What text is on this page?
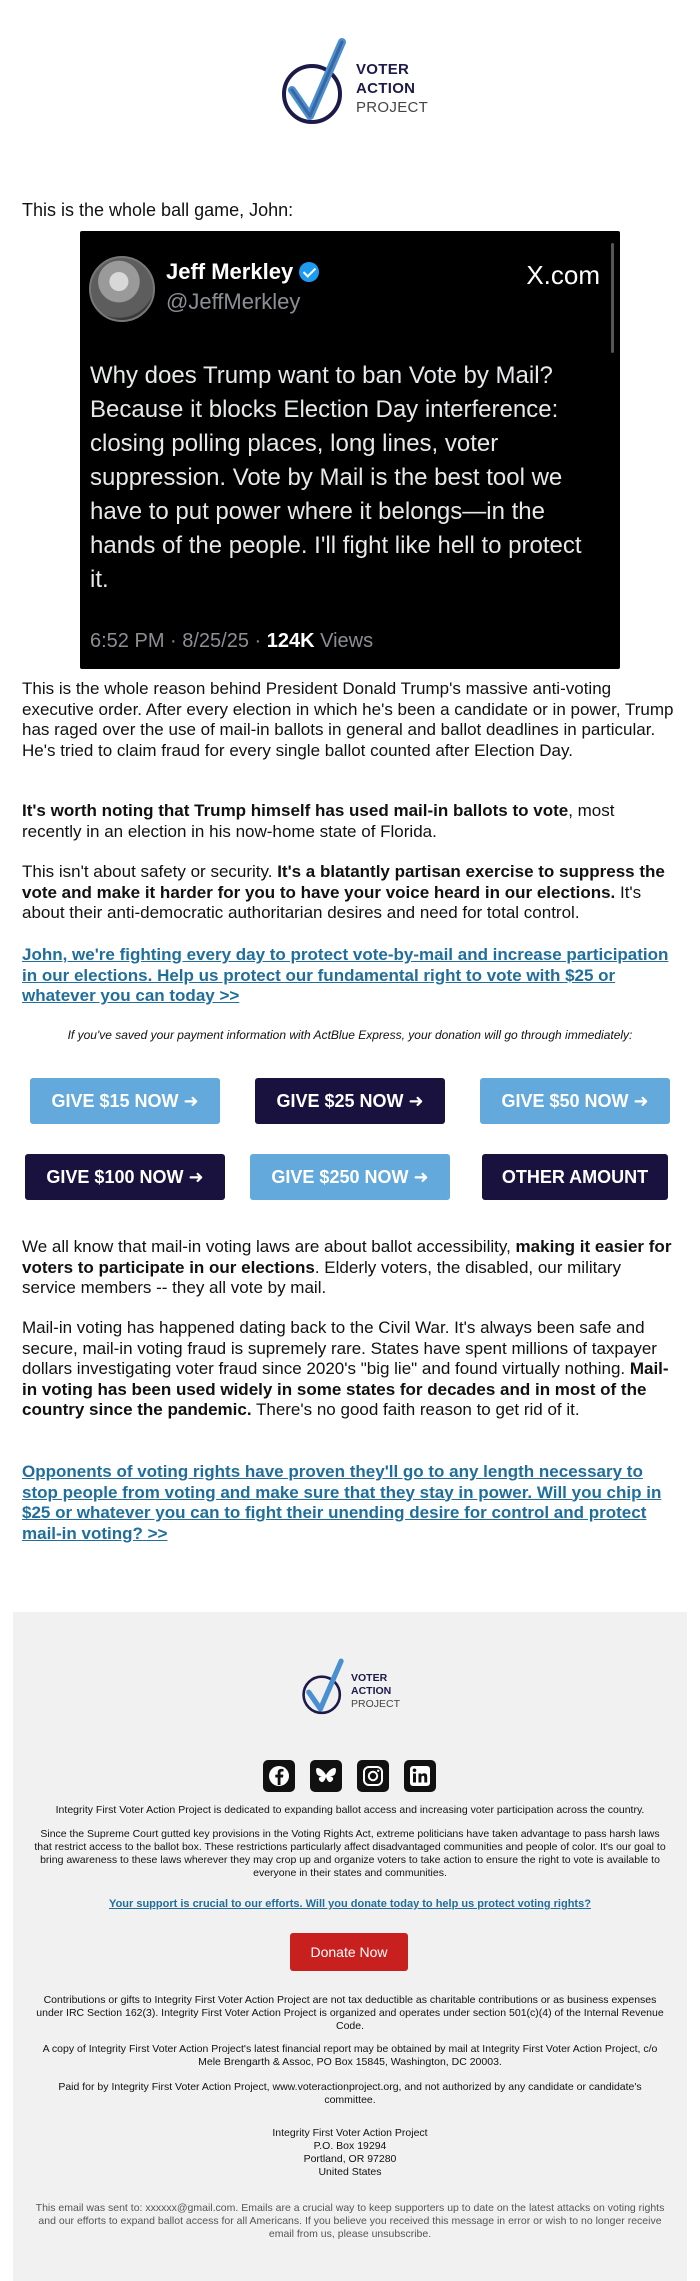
VOTER
ACTION
PROJECT
This is the whole ball game, John:
Jeff Merkley
@JeffMerkley
X.com
Why does Trump want to ban Vote by Mail? Because it blocks Election Day interference: closing polling places, long lines, voter suppression. Vote by Mail is the best tool we have to put power where it belongs—in the hands of the people. I'll fight like hell to protect it.
6:52 PM · 8/25/25 · 124K Views
This is the whole reason behind President Donald Trump's massive anti-voting executive order. After every election in which he's been a candidate or in power, Trump has raged over the use of mail-in ballots in general and ballot deadlines in particular. He's tried to claim fraud for every single ballot counted after Election Day.
It's worth noting that Trump himself has used mail-in ballots to vote, most recently in an election in his now-home state of Florida.
This isn't about safety or security. It's a blatantly partisan exercise to suppress the vote and make it harder for you to have your voice heard in our elections. It's about their anti-democratic authoritarian desires and need for total control.
John, we're fighting every day to protect vote-by-mail and increase participation in our elections. Help us protect our fundamental right to vote with $25 or whatever you can today >>
If you've saved your payment information with ActBlue Express, your donation will go through immediately:
GIVE $15 NOW ➜	GIVE $25 NOW ➜	GIVE $50 NOW ➜
GIVE $100 NOW ➜	GIVE $250 NOW ➜	OTHER AMOUNT
We all know that mail-in voting laws are about ballot accessibility, making it easier for voters to participate in our elections. Elderly voters, the disabled, our military service members -- they all vote by mail.
Mail-in voting has happened dating back to the Civil War. It's always been safe and secure, mail-in voting fraud is supremely rare. States have spent millions of taxpayer dollars investigating voter fraud since 2020's "big lie" and found virtually nothing. Mail-in voting has been used widely in some states for decades and in most of the country since the pandemic. There's no good faith reason to get rid of it.
Opponents of voting rights have proven they'll go to any length necessary to stop people from voting and make sure that they stay in power. Will you chip in $25 or whatever you can to fight their unending desire for control and protect mail-in voting? >>
VOTER
ACTION
PROJECT
Integrity First Voter Action Project is dedicated to expanding ballot access and increasing voter participation across the country.
Since the Supreme Court gutted key provisions in the Voting Rights Act, extreme politicians have taken advantage to pass harsh laws that restrict access to the ballot box. These restrictions particularly affect disadvantaged communities and people of color. It's our goal to bring awareness to these laws wherever they may crop up and organize voters to take action to ensure the right to vote is available to everyone in their states and communities.
Your support is crucial to our efforts. Will you donate today to help us protect voting rights?
Donate Now
Contributions or gifts to Integrity First Voter Action Project are not tax deductible as charitable contributions or as business expenses under IRC Section 162(3). Integrity First Voter Action Project is organized and operates under section 501(c)(4) of the Internal Revenue Code.
A copy of Integrity First Voter Action Project's latest financial report may be obtained by mail at Integrity First Voter Action Project, c/o Mele Brengarth & Assoc, PO Box 15845, Washington, DC 20003.
Paid for by Integrity First Voter Action Project, www.voteractionproject.org, and not authorized by any candidate or candidate's committee.
Integrity First Voter Action Project
P.O. Box 19294
Portland, OR 97280
United States
This email was sent to: xxxxxx@gmail.com. Emails are a crucial way to keep supporters up to date on the latest attacks on voting rights and our efforts to expand ballot access for all Americans. If you believe you received this message in error or wish to no longer receive email from us, please unsubscribe.
